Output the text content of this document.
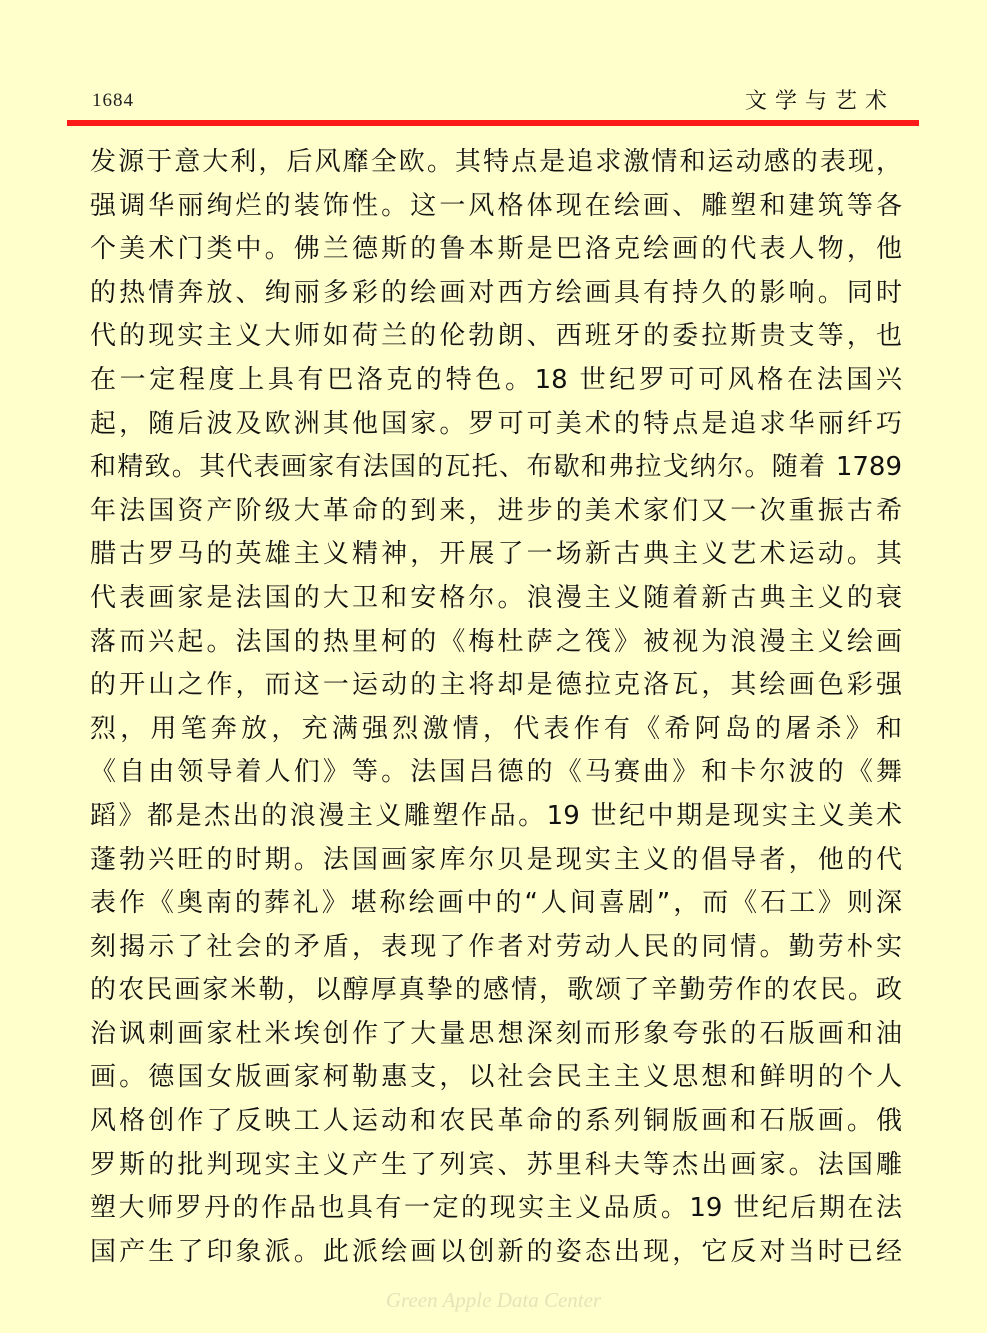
1684	文学与艺术
发源于意大利，后风靡全欧。其特点是追求激情和运动感的表现，
强调华丽绚烂的装饰性。这一风格体现在绘画、雕塑和建筑等各
个美术门类中。佛兰德斯的鲁本斯是巴洛克绘画的代表人物，他
的热情奔放、绚丽多彩的绘画对西方绘画具有持久的影响。同时
代的现实主义大师如荷兰的伦勃朗、西班牙的委拉斯贵支等，也
在一定程度上具有巴洛克的特色。18 世纪罗可可风格在法国兴
起，随后波及欧洲其他国家。罗可可美术的特点是追求华丽纤巧
和精致。其代表画家有法国的瓦托、布歇和弗拉戈纳尔。随着 1789
年法国资产阶级大革命的到来，进步的美术家们又一次重振古希
腊古罗马的英雄主义精神，开展了一场新古典主义艺术运动。其
代表画家是法国的大卫和安格尔。浪漫主义随着新古典主义的衰
落而兴起。法国的热里柯的《梅杜萨之筏》被视为浪漫主义绘画
的开山之作，而这一运动的主将却是德拉克洛瓦，其绘画色彩强
烈，用笔奔放，充满强烈激情，代表作有《希阿岛的屠杀》和
《自由领导着人们》等。法国吕德的《马赛曲》和卡尔波的《舞
蹈》都是杰出的浪漫主义雕塑作品。19 世纪中期是现实主义美术
蓬勃兴旺的时期。法国画家库尔贝是现实主义的倡导者，他的代
表作《奥南的葬礼》堪称绘画中的“人间喜剧”，而《石工》则深
刻揭示了社会的矛盾，表现了作者对劳动人民的同情。勤劳朴实
的农民画家米勒，以醇厚真挚的感情，歌颂了辛勤劳作的农民。政
治讽刺画家杜米埃创作了大量思想深刻而形象夸张的石版画和油
画。德国女版画家柯勒惠支，以社会民主主义思想和鲜明的个人
风格创作了反映工人运动和农民革命的系列铜版画和石版画。俄
罗斯的批判现实主义产生了列宾、苏里科夫等杰出画家。法国雕
塑大师罗丹的作品也具有一定的现实主义品质。19 世纪后期在法
国产生了印象派。此派绘画以创新的姿态出现，它反对当时已经
Green Apple Data Center
